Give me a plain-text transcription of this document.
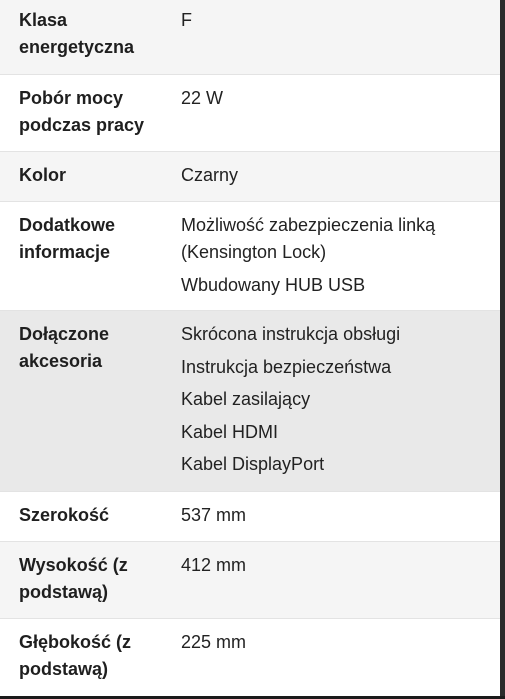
Klasa energetyczna
F
Pobór mocy podczas pracy
22 W
Kolor	Czarny
Dodatkowe informacje
Możliwość zabezpieczenia linką (Kensington Lock)
Wbudowany HUB USB
Dołączone akcesoria
Skrócona instrukcja obsługi
Instrukcja bezpieczeństwa
Kabel zasilający
Kabel HDMI
Kabel DisplayPort
Szerokość	537 mm
Wysokość (z podstawą)
412 mm
Głębokość (z podstawą)
225 mm
